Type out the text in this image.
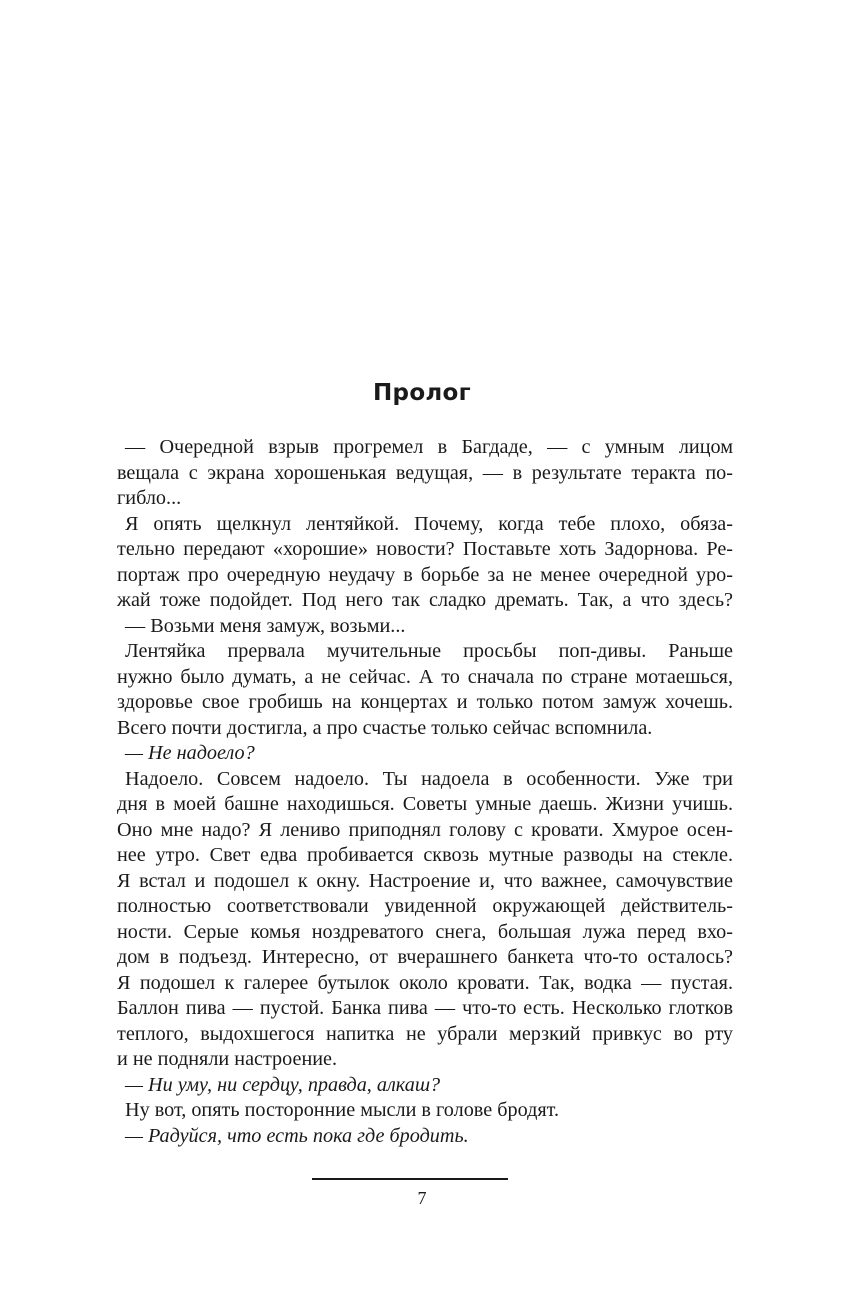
Пролог
— Очередной взрыв прогремел в Багдаде, — с умным лицом
вещала с экрана хорошенькая ведущая, — в результате теракта по-
гибло...
Я опять щелкнул лентяйкой. Почему, когда тебе плохо, обяза-
тельно передают «хорошие» новости? Поставьте хоть Задорнова. Ре-
портаж про очередную неудачу в борьбе за не менее очередной уро-
жай тоже подойдет. Под него так сладко дремать. Так, а что здесь?
— Возьми меня замуж, возьми...
Лентяйка прервала мучительные просьбы поп-дивы. Раньше
нужно было думать, а не сейчас. А то сначала по стране мотаешься,
здоровье свое гробишь на концертах и только потом замуж хочешь.
Всего почти достигла, а про счастье только сейчас вспомнила.
— Не надоело?
Надоело. Совсем надоело. Ты надоела в особенности. Уже три
дня в моей башне находишься. Советы умные даешь. Жизни учишь.
Оно мне надо? Я лениво приподнял голову с кровати. Хмурое осен-
нее утро. Свет едва пробивается сквозь мутные разводы на стекле.
Я встал и подошел к окну. Настроение и, что важнее, самочувствие
полностью соответствовали увиденной окружающей действитель-
ности. Серые комья ноздреватого снега, большая лужа перед вхо-
дом в подъезд. Интересно, от вчерашнего банкета что-то осталось?
Я подошел к галерее бутылок около кровати. Так, водка — пустая.
Баллон пива — пустой. Банка пива — что-то есть. Несколько глотков
теплого, выдохшегося напитка не убрали мерзкий привкус во рту
и не подняли настроение.
— Ни уму, ни сердцу, правда, алкаш?
Ну вот, опять посторонние мысли в голове бродят.
— Радуйся, что есть пока где бродить.
7
